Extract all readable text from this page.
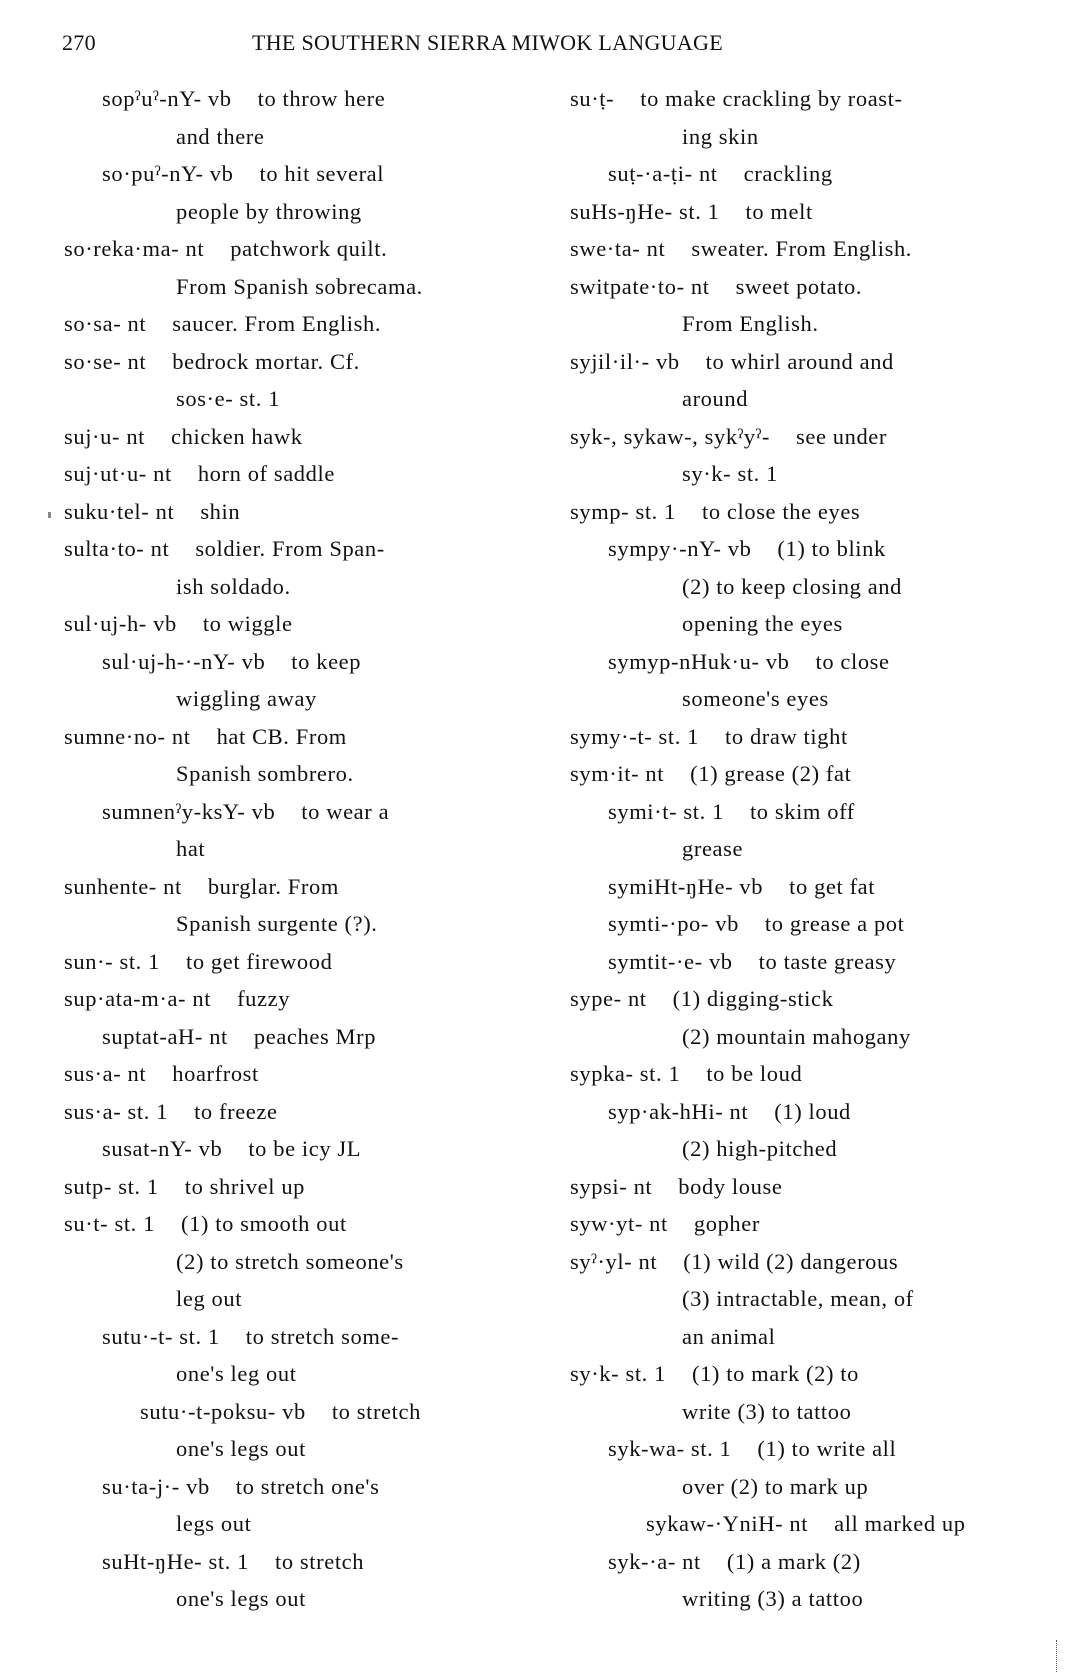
270	THE SOUTHERN SIERRA MIWOK LANGUAGE
sopˀuˀ-nY- vb to throw here
and there
so·puˀ-nY- vb to hit several
people by throwing
so·reka·ma- nt patchwork quilt.
From Spanish sobrecama.
so·sa- nt saucer. From English.
so·se- nt bedrock mortar. Cf.
sos·e- st. 1
suj·u- nt chicken hawk
suj·ut·u- nt horn of saddle
suku·tel- nt shin
sulta·to- nt soldier. From Span-
ish soldado.
sul·uj-h- vb to wiggle
sul·uj-h-·-nY- vb to keep
wiggling away
sumne·no- nt hat CB. From
Spanish sombrero.
sumnenˀy-ksY- vb to wear a
hat
sunhente- nt burglar. From
Spanish surgente (?).
sun·- st. 1 to get firewood
sup·ata-m·a- nt fuzzy
suptat-aH- nt peaches Mrp
sus·a- nt hoarfrost
sus·a- st. 1 to freeze
susat-nY- vb to be icy JL
sutp- st. 1 to shrivel up
su·t- st. 1 (1) to smooth out
(2) to stretch someone's
leg out
sutu·-t- st. 1 to stretch some-
one's leg out
sutu·-t-poksu- vb to stretch
one's legs out
su·ta-j·- vb to stretch one's
legs out
suHt-ŋHe- st. 1 to stretch
one's legs out
su·ṭ- to make crackling by roast-
ing skin
suṭ-·a-ṭi- nt crackling
suHs-ŋHe- st. 1 to melt
swe·ta- nt sweater. From English.
switpate·to- nt sweet potato.
From English.
syjil·il·- vb to whirl around and
around
syk-, sykaw-, sykˀyˀ- see under
sy·k- st. 1
symp- st. 1 to close the eyes
sympy·-nY- vb (1) to blink
(2) to keep closing and
opening the eyes
symyp-nHuk·u- vb to close
someone's eyes
symy·-t- st. 1 to draw tight
sym·it- nt (1) grease (2) fat
symi·t- st. 1 to skim off
grease
symiHt-ŋHe- vb to get fat
symti-·po- vb to grease a pot
symtit-·e- vb to taste greasy
sype- nt (1) digging-stick
(2) mountain mahogany
sypka- st. 1 to be loud
syp·ak-hHi- nt (1) loud
(2) high-pitched
sypsi- nt body louse
syw·yt- nt gopher
syˀ·yl- nt (1) wild (2) dangerous
(3) intractable, mean, of
an animal
sy·k- st. 1 (1) to mark (2) to
write (3) to tattoo
syk-wa- st. 1 (1) to write all
over (2) to mark up
sykaw-·YniH- nt all marked up
syk-·a- nt (1) a mark (2)
writing (3) a tattoo
